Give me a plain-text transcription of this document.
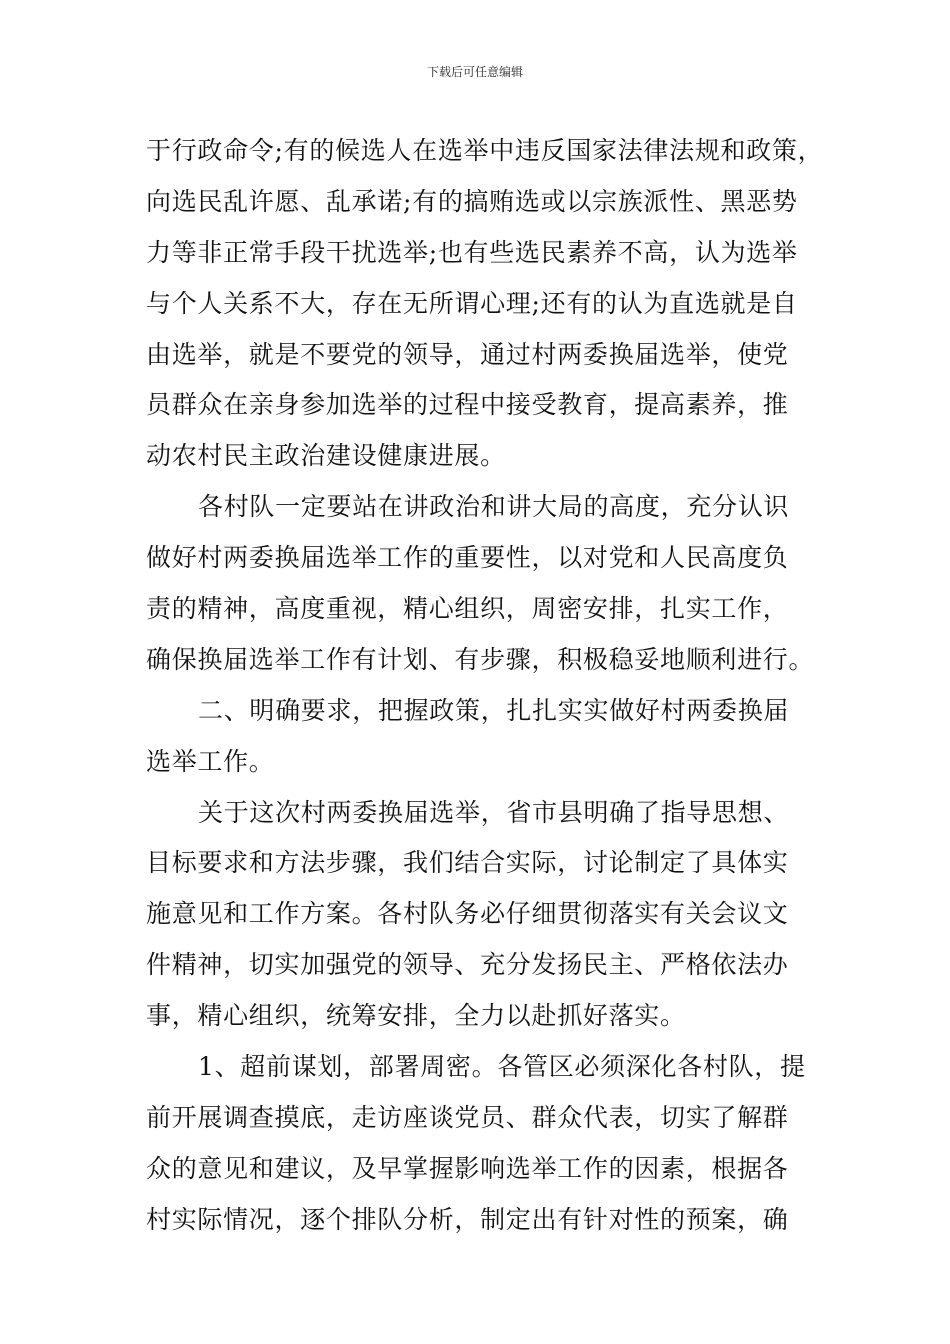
下载后可任意编辑
于行政命令;有的候选人在选举中违反国家法律法规和政策，
向选民乱许愿、乱承诺;有的搞贿选或以宗族派性、黑恶势
力等非正常手段干扰选举;也有些选民素养不高，认为选举
与个人关系不大，存在无所谓心理;还有的认为直选就是自
由选举，就是不要党的领导，通过村两委换届选举，使党
员群众在亲身参加选举的过程中接受教育，提高素养，推
动农村民主政治建设健康进展。
各村队一定要站在讲政治和讲大局的高度，充分认识
做好村两委换届选举工作的重要性，以对党和人民高度负
责的精神，高度重视，精心组织，周密安排，扎实工作，
确保换届选举工作有计划、有步骤，积极稳妥地顺利进行。
二、明确要求，把握政策，扎扎实实做好村两委换届
选举工作。
关于这次村两委换届选举，省市县明确了指导思想、
目标要求和方法步骤，我们结合实际，讨论制定了具体实
施意见和工作方案。各村队务必仔细贯彻落实有关会议文
件精神，切实加强党的领导、充分发扬民主、严格依法办
事，精心组织，统筹安排，全力以赴抓好落实。
1、超前谋划，部署周密。各管区必须深化各村队，提
前开展调查摸底，走访座谈党员、群众代表，切实了解群
众的意见和建议，及早掌握影响选举工作的因素，根据各
村实际情况，逐个排队分析，制定出有针对性的预案，确
